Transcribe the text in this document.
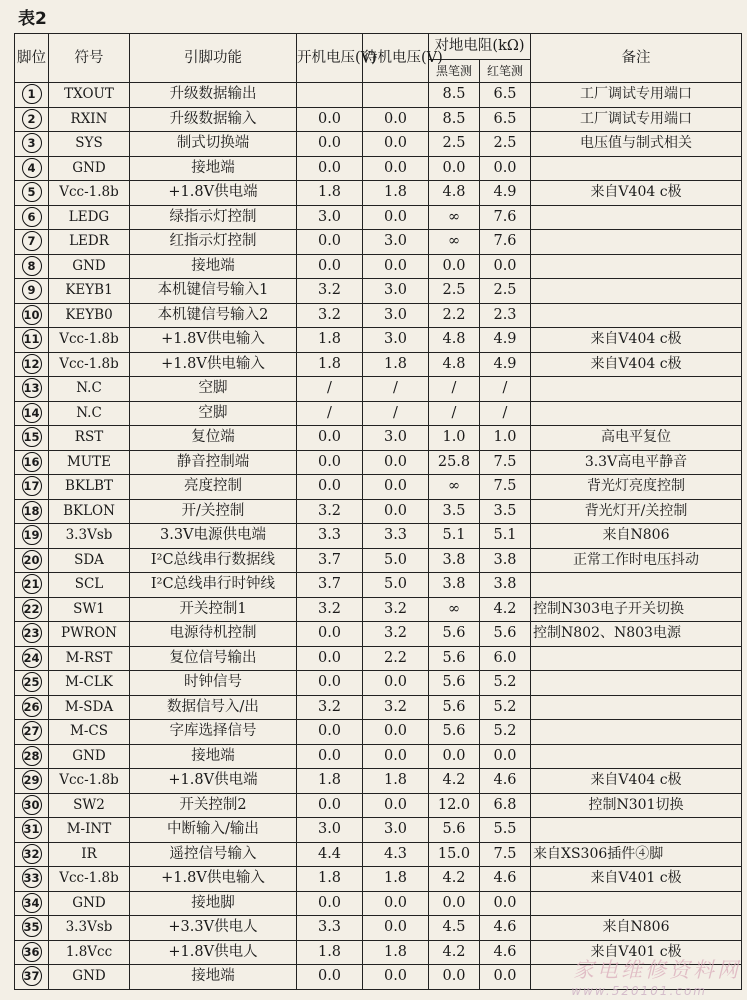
表2
脚位	符号	引脚功能	开机电压(V)	待机电压(V)	对地电阻(kΩ)		备注
					黑笔测	红笔测	
1	TXOUT	升级数据输出			8.5	6.5	工厂调试专用端口
2	RXIN	升级数据输入	0.0	0.0	8.5	6.5	工厂调试专用端口
3	SYS	制式切换端	0.0	0.0	2.5	2.5	电压值与制式相关
4	GND	接地端	0.0	0.0	0.0	0.0	
5	Vcc-1.8b	+1.8V供电端	1.8	1.8	4.8	4.9	来自V404 c极
6	LEDG	绿指示灯控制	3.0	0.0	∞	7.6	
7	LEDR	红指示灯控制	0.0	3.0	∞	7.6	
8	GND	接地端	0.0	0.0	0.0	0.0	
9	KEYB1	本机键信号输入1	3.2	3.0	2.5	2.5	
10	KEYB0	本机键信号输入2	3.2	3.0	2.2	2.3	
11	Vcc-1.8b	+1.8V供电输入	1.8	3.0	4.8	4.9	来自V404 c极
12	Vcc-1.8b	+1.8V供电输入	1.8	1.8	4.8	4.9	来自V404 c极
13	N.C	空脚	/	/	/	/	
14	N.C	空脚	/	/	/	/	
15	RST	复位端	0.0	3.0	1.0	1.0	高电平复位
16	MUTE	静音控制端	0.0	0.0	25.8	7.5	3.3V高电平静音
17	BKLBT	亮度控制	0.0	0.0	∞	7.5	背光灯亮度控制
18	BKLON	开/关控制	3.2	0.0	3.5	3.5	背光灯开/关控制
19	3.3Vsb	3.3V电源供电端	3.3	3.3	5.1	5.1	来自N806
20	SDA	I²C总线串行数据线	3.7	5.0	3.8	3.8	正常工作时电压抖动
21	SCL	I²C总线串行时钟线	3.7	5.0	3.8	3.8	
22	SW1	开关控制1	3.2	3.2	∞	4.2	控制N303电子开关切换
23	PWRON	电源待机控制	0.0	3.2	5.6	5.6	控制N802、N803电源
24	M-RST	复位信号输出	0.0	2.2	5.6	6.0	
25	M-CLK	时钟信号	0.0	0.0	5.6	5.2	
26	M-SDA	数据信号入/出	3.2	3.2	5.6	5.2	
27	M-CS	字库选择信号	0.0	0.0	5.6	5.2	
28	GND	接地端	0.0	0.0	0.0	0.0	
29	Vcc-1.8b	+1.8V供电端	1.8	1.8	4.2	4.6	来自V404 c极
30	SW2	开关控制2	0.0	0.0	12.0	6.8	控制N301切换
31	M-INT	中断输入/输出	3.0	3.0	5.6	5.5	
32	IR	遥控信号输入	4.4	4.3	15.0	7.5	来自XS306插件④脚
33	Vcc-1.8b	+1.8V供电输入	1.8	1.8	4.2	4.6	来自V401 c极
34	GND	接地脚	0.0	0.0	0.0	0.0	
35	3.3Vsb	+3.3V供电人	3.3	0.0	4.5	4.6	来自N806
36	1.8Vcc	+1.8V供电人	1.8	1.8	4.2	4.6	来自V401 c极
37	GND	接地端	0.0	0.0	0.0	0.0		家电维修资料网
www.520101.com
